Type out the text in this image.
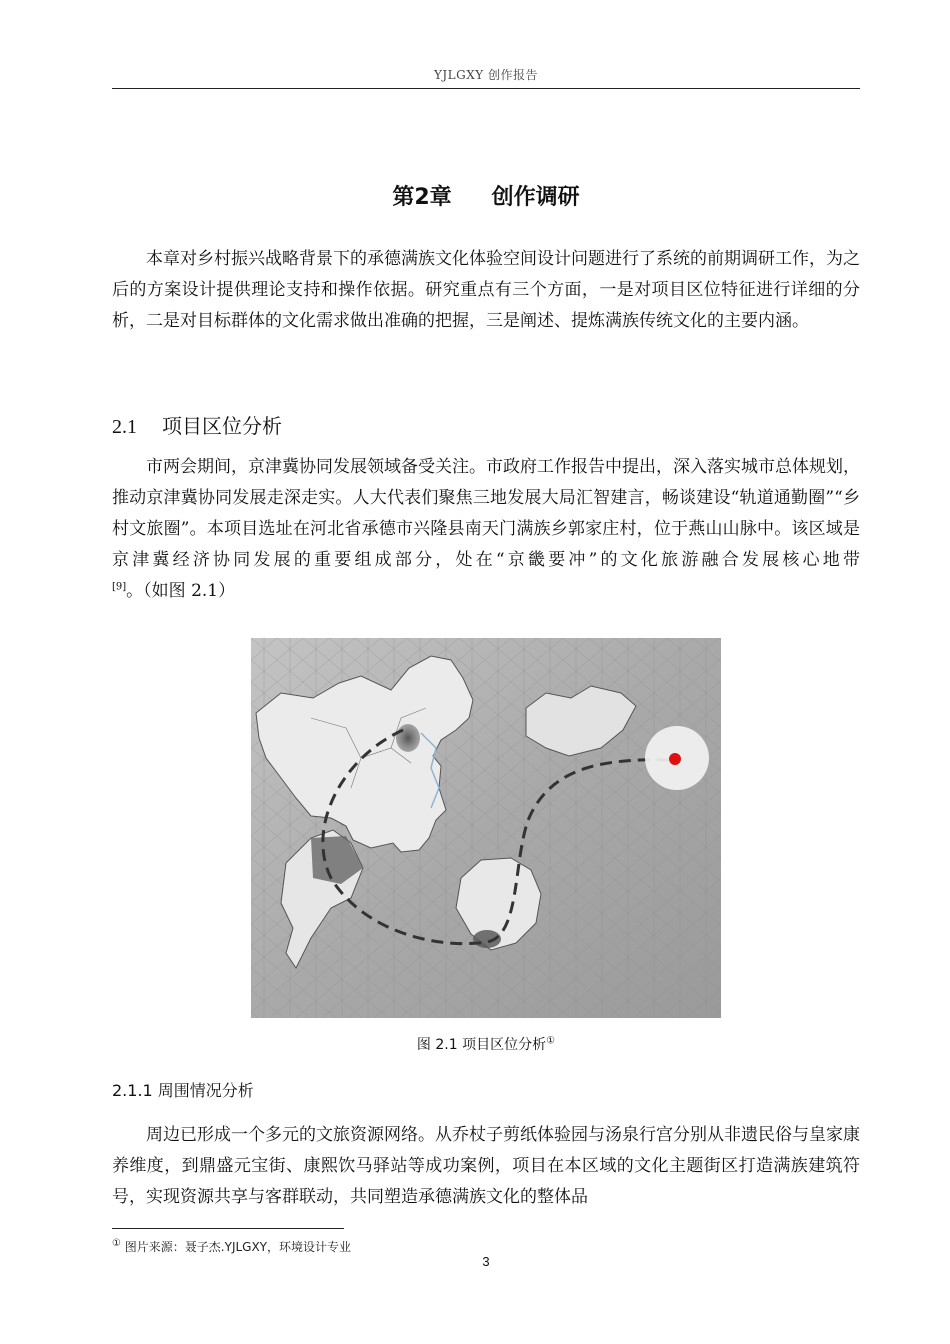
YJLGXY 创作报告
第2章 创作调研

本章对乡村振兴战略背景下的承德满族文化体验空间设计问题进行了系统的前期调研工作，为之后的方案设计提供理论支持和操作依据。研究重点有三个方面，一是对项目区位特征进行详细的分析，二是对目标群体的文化需求做出准确的把握，三是阐述、提炼满族传统文化的主要内涵。

2.1 项目区位分析

市两会期间，京津冀协同发展领域备受关注。市政府工作报告中提出，深入落实城市总体规划，推动京津冀协同发展走深走实。人大代表们聚焦三地发展大局汇智建言，畅谈建设“轨道通勤圈”“乡村文旅圈”。本项目选址在河北省承德市兴隆县南天门满族乡郭家庄村，位于燕山山脉中。该区域是京津冀经济协同发展的重要组成部分，处在“京畿要冲”的文化旅游融合发展核心地带[9]。（如图 2.1）

图 2.1 项目区位分析①
2.1.1 周围情况分析

周边已形成一个多元的文旅资源网络。从乔杖子剪纸体验园与汤泉行宫分别从非遗民俗与皇家康养维度，到鼎盛元宝街、康熙饮马驿站等成功案例，项目在本区域的文化主题街区打造满族建筑符号，实现资源共享与客群联动，共同塑造承德满族文化的整体品

① 图片来源：聂子杰.YJLGXY，环境设计专业
3
